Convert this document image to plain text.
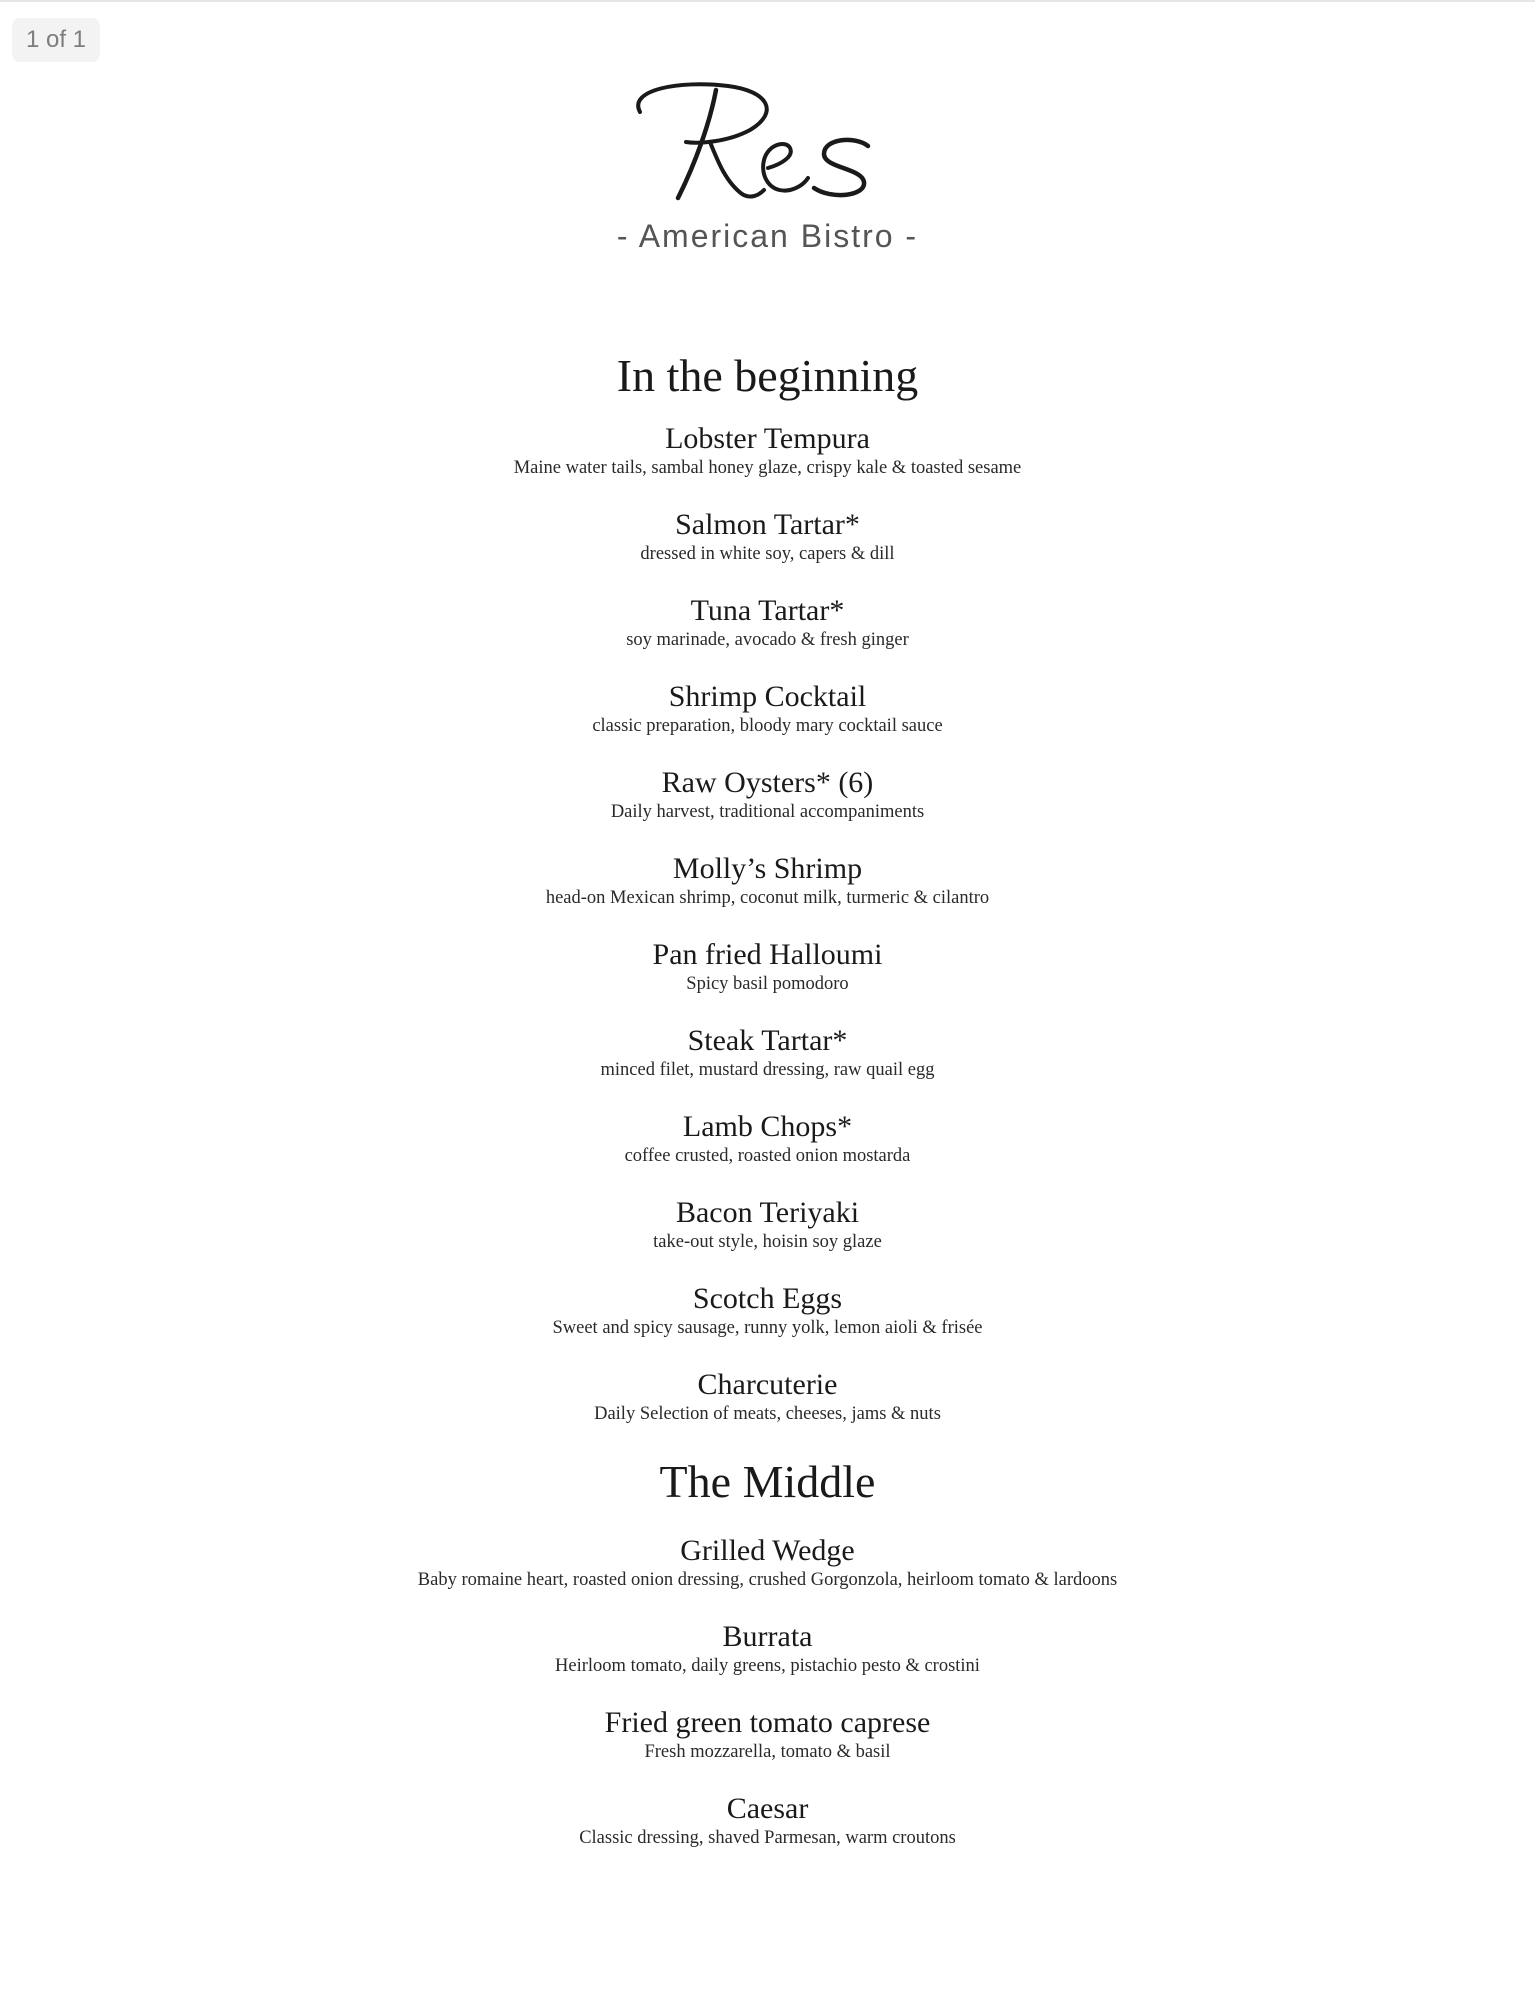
1 of 1
- American Bistro -
In the beginning
Lobster Tempura
Maine water tails, sambal honey glaze, crispy kale & toasted sesame
Salmon Tartar*
dressed in white soy, capers & dill
Tuna Tartar*
soy marinade, avocado & fresh ginger
Shrimp Cocktail
classic preparation, bloody mary cocktail sauce
Raw Oysters* (6)
Daily harvest, traditional accompaniments
Molly’s Shrimp
head-on Mexican shrimp, coconut milk, turmeric & cilantro
Pan fried Halloumi
Spicy basil pomodoro
Steak Tartar*
minced filet, mustard dressing, raw quail egg
Lamb Chops*
coffee crusted, roasted onion mostarda
Bacon Teriyaki
take-out style, hoisin soy glaze
Scotch Eggs
Sweet and spicy sausage, runny yolk, lemon aioli & frisée
Charcuterie
Daily Selection of meats, cheeses, jams & nuts
The Middle
Grilled Wedge
Baby romaine heart, roasted onion dressing, crushed Gorgonzola, heirloom tomato & lardoons
Burrata
Heirloom tomato, daily greens, pistachio pesto & crostini
Fried green tomato caprese
Fresh mozzarella, tomato & basil
Caesar
Classic dressing, shaved Parmesan, warm croutons
